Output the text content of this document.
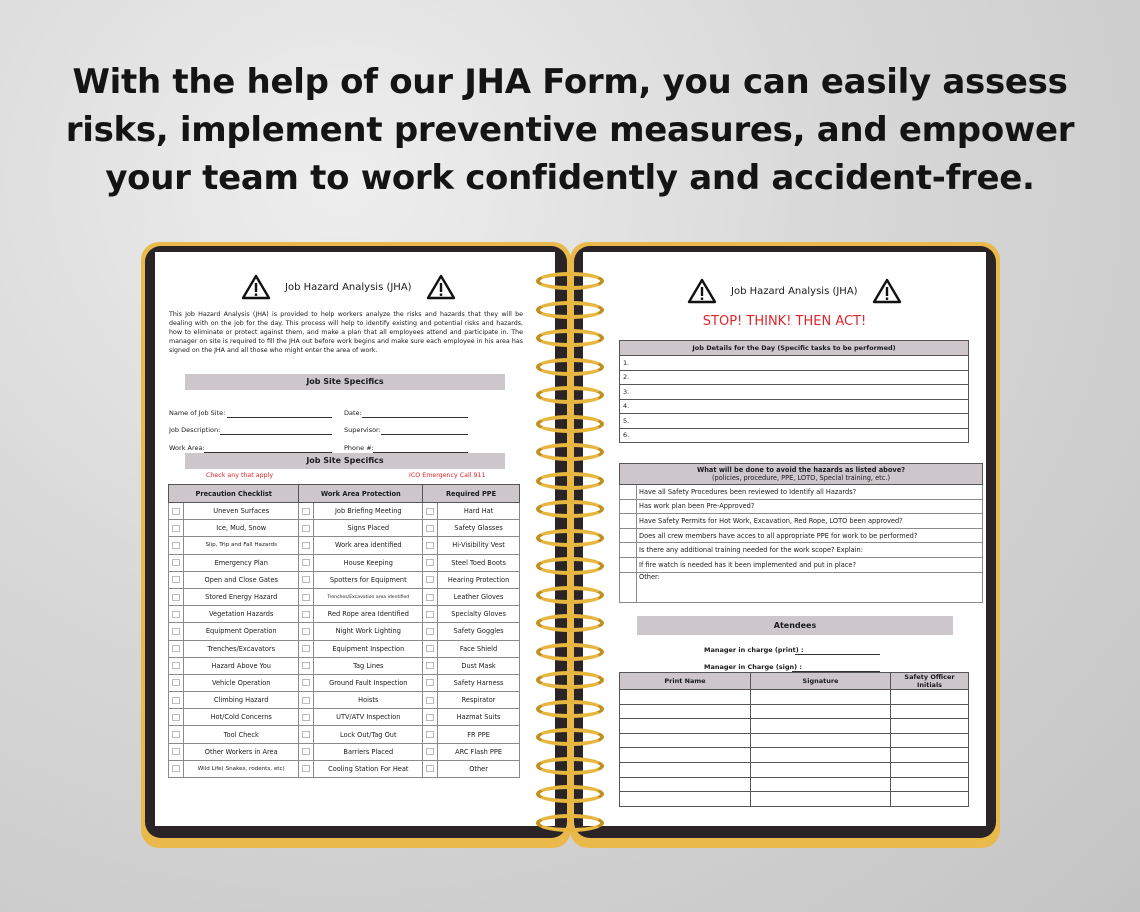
With the help of our JHA Form, you can easily assess
risks, implement preventive measures, and empower
your team to work confidently and accident-free.
Job Hazard Analysis (JHA)
This Job Hazard Analysis (JHA) is provided to help workers analyze the risks and hazards that they will be dealing with on the job for the day. This process will help to identify existing and potential risks and hazards, how to eliminate or protect against them, and make a plan that all employees attend and participate in. The manager on site is required to fill the JHA out before work begins and make sure each employee in his area has signed on the JHA and all those who might enter the area of work.
Job Site Specifics
Name of Job Site:	Date:
Job Description:	Supervisor:
Work Area:	Phone #:
Job Site Specifics
Check any that apply	ICO Emergency Call 911
Precaution Checklist		Work Area Protection		Required PPE	
	Uneven Surfaces		Job Briefing Meeting		Hard Hat
	Ice, Mud, Snow		Signs Placed		Safety Glasses
	Slip, Trip and Fall Hazards		Work area identified		Hi-Visibility Vest
	Emergency Plan		House Keeping		Steel Toed Boots
	Open and Close Gates		Spotters for Equipment		Hearing Protection
	Stored Energy Hazard		Trenches/Excavation area identified		Leather Gloves
	Vegetation Hazards		Red Rope area Identified		Specialty Gloves
	Equipment Operation		Night Work Lighting		Safety Goggles
	Trenches/Excavators		Equipment Inspection		Face Shield
	Hazard Above You		Tag Lines		Dust Mask
	Vehicle Operation		Ground Fault Inspection		Safety Harness
	Climbing Hazard		Hoists		Respirator
	Hot/Cold Concerns		UTV/ATV Inspection		Hazmat Suits
	Tool Check		Lock Out/Tag Out		FR PPE
	Other Workers in Area		Barriers Placed		ARC Flash PPE
	Wild Life( Snakes, rodents, etc)		Cooling Station For Heat		Other
Job Hazard Analysis (JHA)
STOP! THINK! THEN ACT!
Job Details for the Day (Specific tasks to be performed)
1.
2.
3.
4.
5.
6.
What will be done to avoid the hazards as listed above?
(policies, procedure, PPE, LOTO, Special training, etc.)	
	Have all Safety Procedures been reviewed to Identify all Hazards?
	Has work plan been Pre-Approved?
	Have Safety Permits for Hot Work, Excavation, Red Rope, LOTO been approved?
	Does all crew members have acces to all appropriate PPE for work to be performed?
	Is there any additional training needed for the work scope? Explain:
	If fire watch is needed has it been implemented and put in place?
	Other:
Atendees
Manager in charge (print) :
Manager in Charge (sign) :
Print Name	Signature	Safety Officer Initials
